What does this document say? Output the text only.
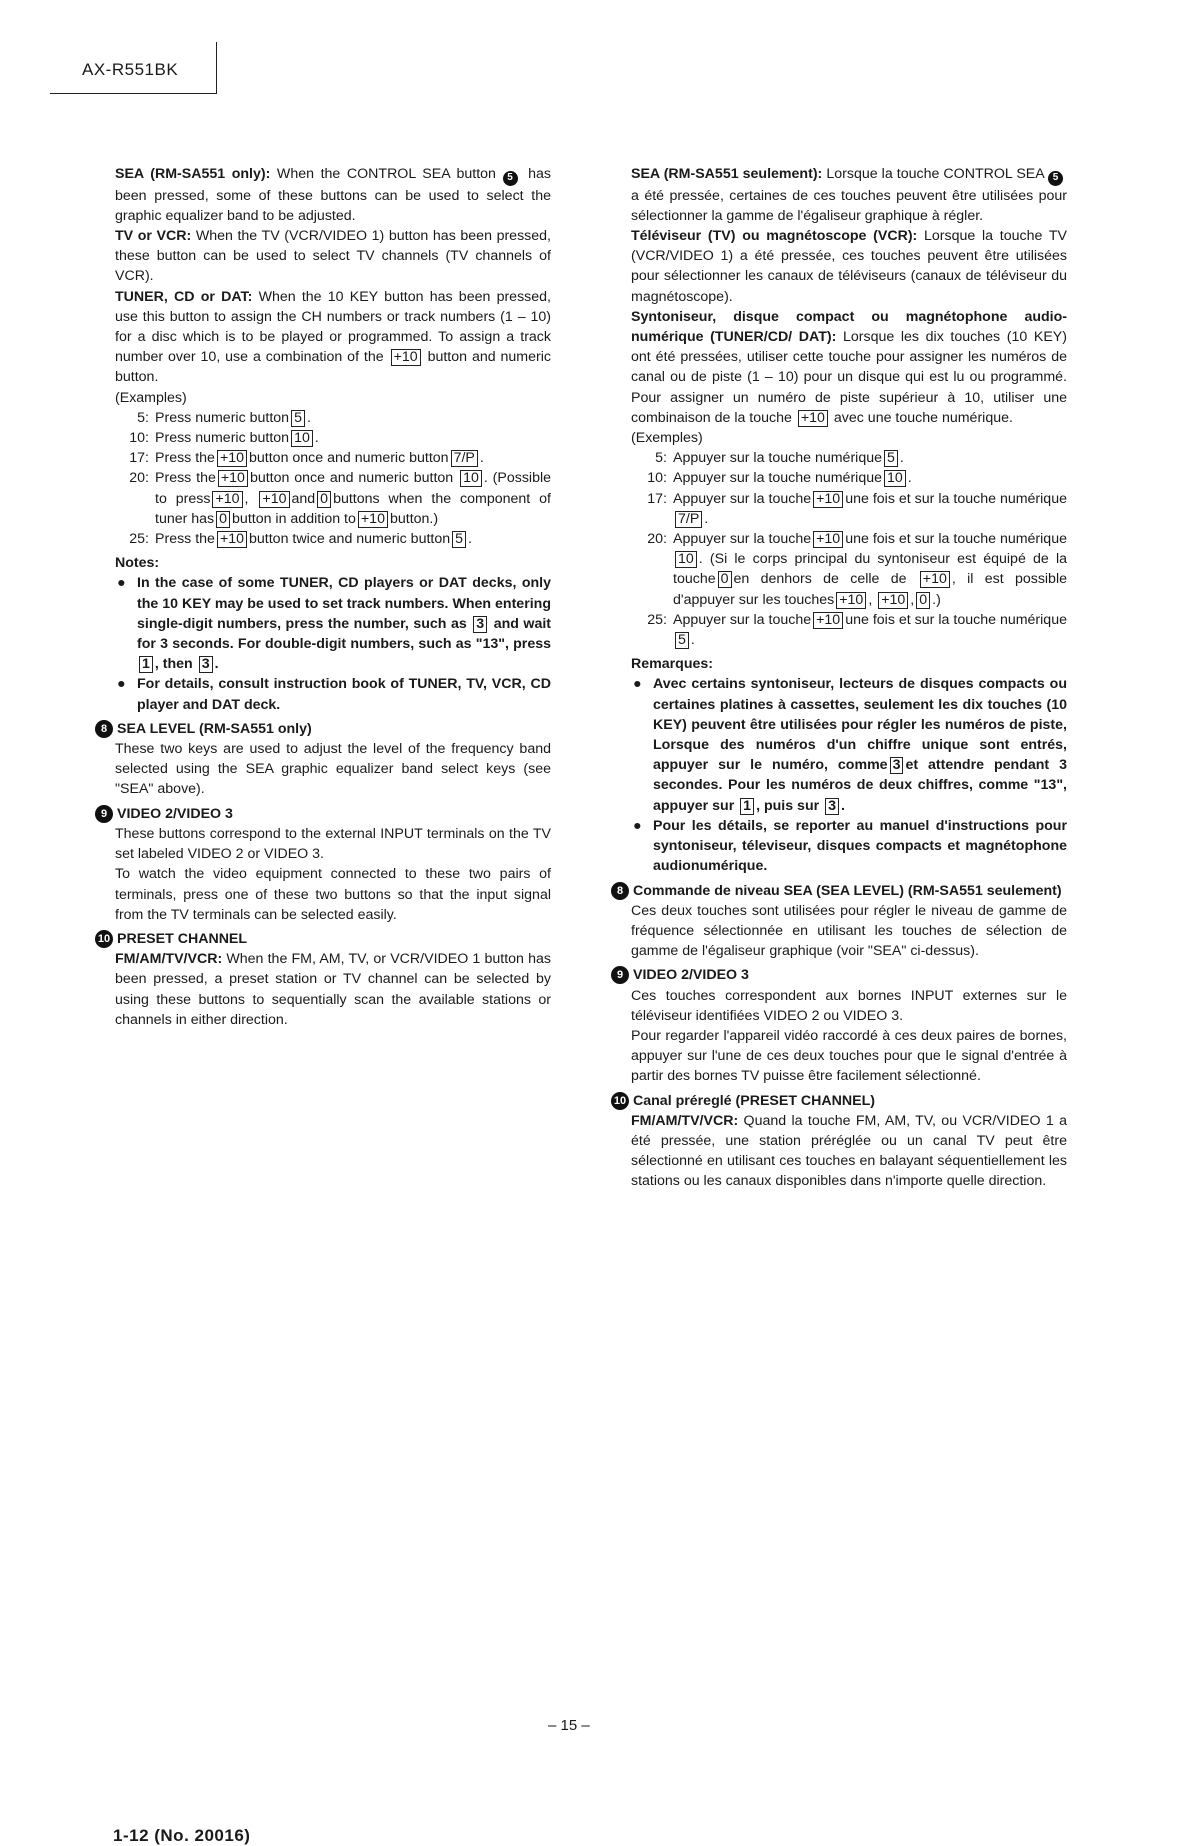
AX-R551BK

SEA (RM-SA551 only): When the CONTROL SEA button 5 has been pressed, some of these buttons can be used to select the graphic equalizer band to be adjusted.

TV or VCR: When the TV (VCR/VIDEO 1) button has been pressed, these button can be used to select TV channels (TV channels of VCR).

TUNER, CD or DAT: When the 10 KEY button has been pressed, use this button to assign the CH numbers or track numbers (1 – 10) for a disc which is to be played or programmed. To assign a track number over 10, use a combination of the +10 button and numeric button.

(Examples)

5: Press numeric button 5 .
10: Press numeric button 10 .
17: Press the +10 button once and numeric button 7/P .
20: Press the +10 button once and numeric button 10 . (Possible to press +10 , +10 and 0 buttons when the component of tuner has 0 button in addition to +10 button.)
25: Press the +10 button twice and numeric button 5 .

Notes:

● In the case of some TUNER, CD players or DAT decks, only the 10 KEY may be used to set track numbers. When entering single-digit numbers, press the number, such as 3 and wait for 3 seconds. For double-digit numbers, such as "13", press 1 , then 3 .
● For details, consult instruction book of TUNER, TV, VCR, CD player and DAT deck.
8 SEA LEVEL (RM-SA551 only)

These two keys are used to adjust the level of the frequency band selected using the SEA graphic equalizer band select keys (see "SEA" above).

9 VIDEO 2/VIDEO 3

These buttons correspond to the external INPUT terminals on the TV set labeled VIDEO 2 or VIDEO 3.

To watch the video equipment connected to these two pairs of terminals, press one of these two buttons so that the input signal from the TV terminals can be selected easily.

10 PRESET CHANNEL

FM/AM/TV/VCR: When the FM, AM, TV, or VCR/VIDEO 1 button has been pressed, a preset station or TV channel can be selected by using these buttons to sequentially scan the available stations or channels in either direction.

SEA (RM-SA551 seulement): Lorsque la touche CONTROL SEA 5 a été pressée, certaines de ces touches peuvent être utilisées pour sélectionner la gamme de l'égaliseur graphique à régler.

Téléviseur (TV) ou magnétoscope (VCR): Lorsque la touche TV (VCR/VIDEO 1) a été pressée, ces touches peuvent être utilisées pour sélectionner les canaux de téléviseurs (canaux de téléviseur du magnétoscope).

Syntoniseur, disque compact ou magnétophone audio-numérique (TUNER/CD/ DAT): Lorsque les dix touches (10 KEY) ont été pressées, utiliser cette touche pour assigner les numéros de canal ou de piste (1 – 10) pour un disque qui est lu ou programmé. Pour assigner un numéro de piste supérieur à 10, utiliser une combinaison de la touche +10 avec une touche numérique.

(Exemples)

5: Appuyer sur la touche numérique 5 .
10: Appuyer sur la touche numérique 10 .
17: Appuyer sur la touche +10 une fois et sur la touche numérique7/P .
20: Appuyer sur la touche +10 une fois et sur la touche numérique 10 . (Si le corps principal du syntoniseur est équipé de la touche 0 en denhors de celle de +10 , il est possible d'appuyer sur les touches +10 , +10 , 0 .)
25: Appuyer sur la touche +10 une fois et sur la touche numérique5 .

Remarques:

● Avec certains syntoniseur, lecteurs de disques compacts ou certaines platines à cassettes, seulement les dix touches (10 KEY) peuvent être utilisées pour régler les numéros de piste, Lorsque des numéros d'un chiffre unique sont entrés, appuyer sur le numéro, comme 3 et attendre pendant 3 secondes. Pour les numéros de deux chiffres, comme "13", appuyer sur 1 , puis sur 3 .
● Pour les détails, se reporter au manuel d'instructions pour syntoniseur, téleviseur, disques compacts et magnétophone audionumérique.
8 Commande de niveau SEA (SEA LEVEL) (RM-SA551 seulement)

Ces deux touches sont utilisées pour régler le niveau de gamme de fréquence sélectionnée en utilisant les touches de sélection de gamme de l'égaliseur graphique (voir "SEA" ci-dessus).

9 VIDEO 2/VIDEO 3

Ces touches correspondent aux bornes INPUT externes sur le téléviseur identifiées VIDEO 2 ou VIDEO 3.

Pour regarder l'appareil vidéo raccordé à ces deux paires de bornes, appuyer sur l'une de ces deux touches pour que le signal d'entrée à partir des bornes TV puisse être facilement sélectionné.

10 Canal préreglé (PRESET CHANNEL)

FM/AM/TV/VCR: Quand la touche FM, AM, TV, ou VCR/VIDEO 1 a été pressée, une station préréglée ou un canal TV peut être sélectionné en utilisant ces touches en balayant séquentiellement les stations ou les canaux disponibles dans n'importe quelle direction.

– 15 –
1-12 (No. 20016)
